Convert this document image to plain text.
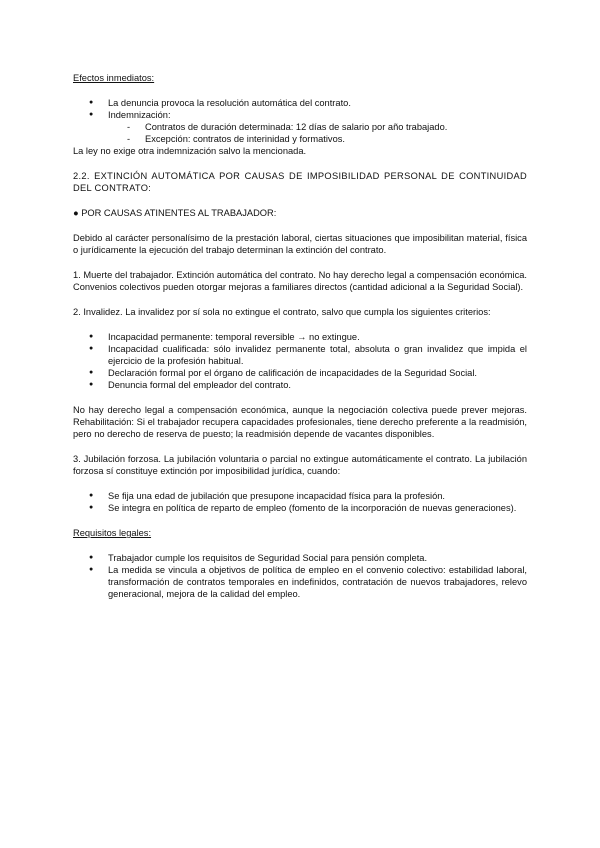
Efectos inmediatos:

● La denuncia provoca la resolución automática del contrato.
● Indemnización:
- Contratos de duración determinada: 12 días de salario por año trabajado.
- Excepción: contratos de interinidad y formativos.

La ley no exige otra indemnización salvo la mencionada.

2.2. EXTINCIÓN AUTOMÁTICA POR CAUSAS DE IMPOSIBILIDAD PERSONAL DE CONTINUIDAD DEL CONTRATO:

● POR CAUSAS ATINENTES AL TRABAJADOR:

Debido al carácter personalísimo de la prestación laboral, ciertas situaciones que imposibilitan material, física o jurídicamente la ejecución del trabajo determinan la extinción del contrato.

1. Muerte del trabajador. Extinción automática del contrato. No hay derecho legal a compensación económica. Convenios colectivos pueden otorgar mejoras a familiares directos (cantidad adicional a la Seguridad Social).

2. Invalidez. La invalidez por sí sola no extingue el contrato, salvo que cumpla los siguientes criterios:

● Incapacidad permanente: temporal reversible → no extingue.
● Incapacidad cualificada: sólo invalidez permanente total, absoluta o gran invalidez que impida el ejercicio de la profesión habitual.
● Declaración formal por el órgano de calificación de incapacidades de la Seguridad Social.
● Denuncia formal del empleador del contrato.

No hay derecho legal a compensación económica, aunque la negociación colectiva puede prever mejoras. Rehabilitación: Si el trabajador recupera capacidades profesionales, tiene derecho preferente a la readmisión, pero no derecho de reserva de puesto; la readmisión depende de vacantes disponibles.

3. Jubilación forzosa. La jubilación voluntaria o parcial no extingue automáticamente el contrato. La jubilación forzosa sí constituye extinción por imposibilidad jurídica, cuando:

● Se fija una edad de jubilación que presupone incapacidad física para la profesión.
● Se integra en política de reparto de empleo (fomento de la incorporación de nuevas generaciones).

Requisitos legales:

● Trabajador cumple los requisitos de Seguridad Social para pensión completa.
● La medida se vincula a objetivos de política de empleo en el convenio colectivo: estabilidad laboral, transformación de contratos temporales en indefinidos, contratación de nuevos trabajadores, relevo generacional, mejora de la calidad del empleo.
